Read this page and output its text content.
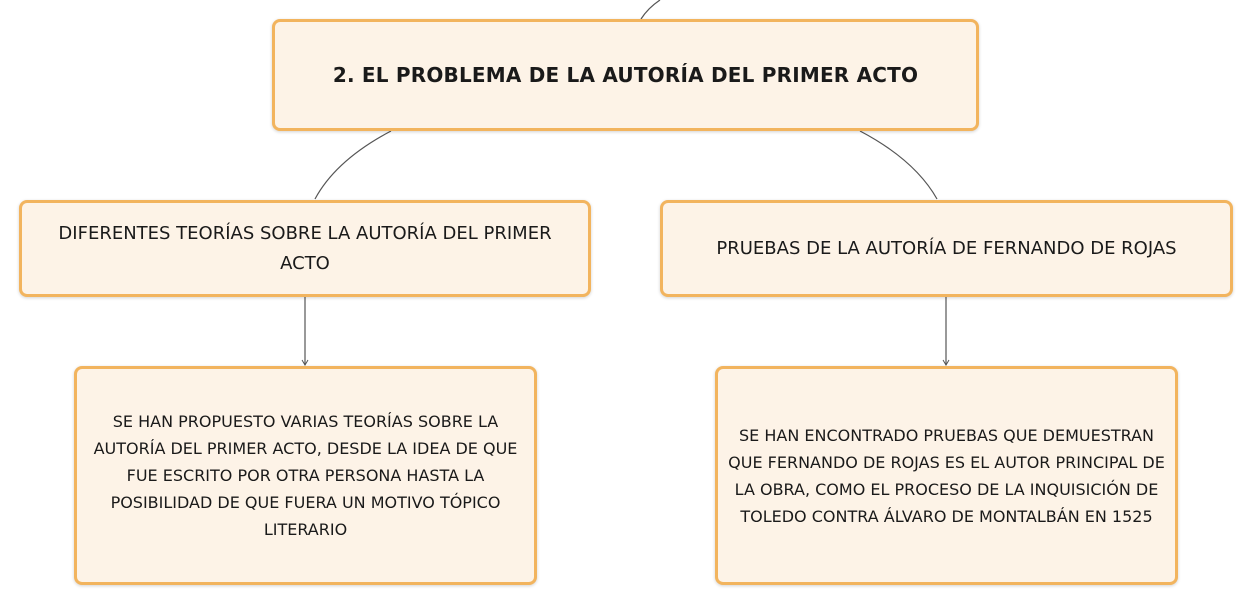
2. EL PROBLEMA DE LA AUTORÍA DEL PRIMER ACTO
DIFERENTES TEORÍAS SOBRE LA AUTORÍA DEL PRIMER ACTO
PRUEBAS DE LA AUTORÍA DE FERNANDO DE ROJAS
SE HAN PROPUESTO VARIAS TEORÍAS SOBRE LA AUTORÍA DEL PRIMER ACTO, DESDE LA IDEA DE QUE FUE ESCRITO POR OTRA PERSONA HASTA LA POSIBILIDAD DE QUE FUERA UN MOTIVO TÓPICO LITERARIO
SE HAN ENCONTRADO PRUEBAS QUE DEMUESTRAN QUE FERNANDO DE ROJAS ES EL AUTOR PRINCIPAL DE LA OBRA, COMO EL PROCESO DE LA INQUISICIÓN DE TOLEDO CONTRA ÁLVARO DE MONTALBÁN EN 1525
